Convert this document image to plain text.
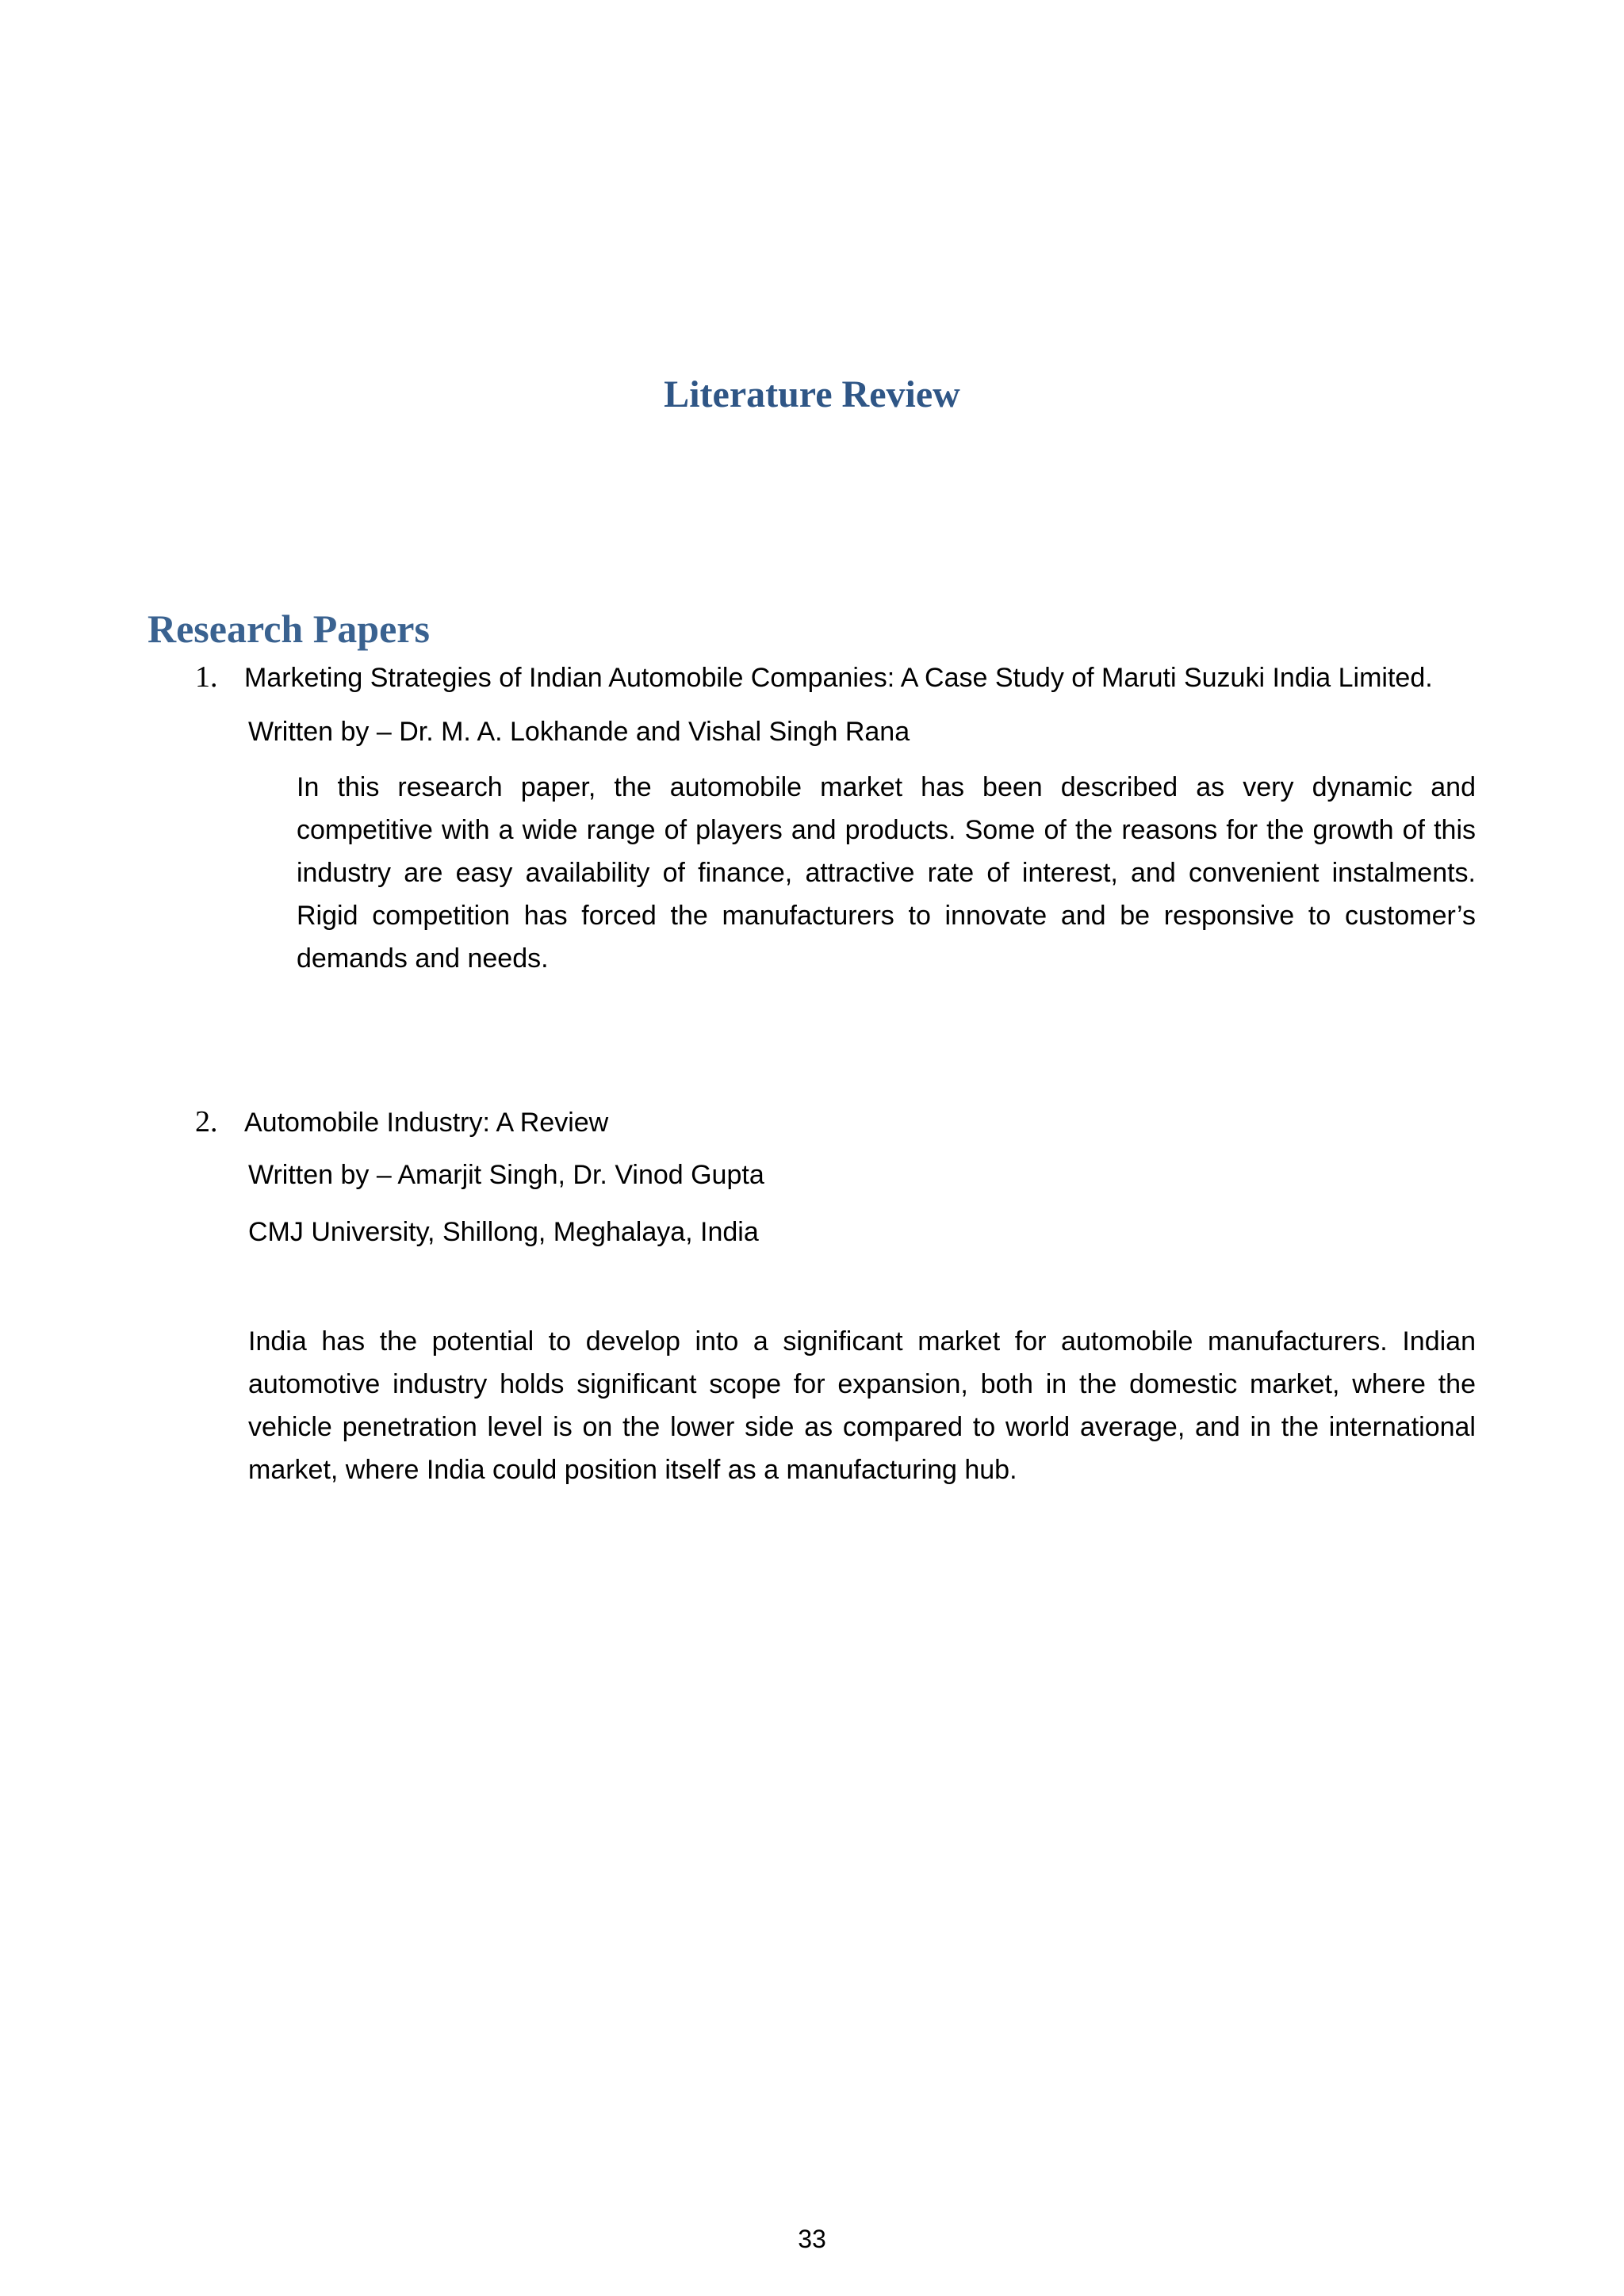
Literature Review
Research Papers
1. Marketing Strategies of Indian Automobile Companies: A Case Study of Maruti Suzuki India Limited.
Written by – Dr. M. A. Lokhande and Vishal Singh Rana

In this research paper, the automobile market has been described as very dynamic and competitive with a wide range of players and products. Some of the reasons for the growth of this industry are easy availability of finance, attractive rate of interest, and convenient instalments. Rigid competition has forced the manufacturers to innovate and be responsive to customer’s demands and needs.

2. Automobile Industry: A Review
Written by – Amarjit Singh, Dr. Vinod Gupta
CMJ University, Shillong, Meghalaya, India

India has the potential to develop into a significant market for automobile manufacturers. Indian automotive industry holds significant scope for expansion, both in the domestic market, where the vehicle penetration level is on the lower side as compared to world average, and in the international market, where India could position itself as a manufacturing hub.

33
